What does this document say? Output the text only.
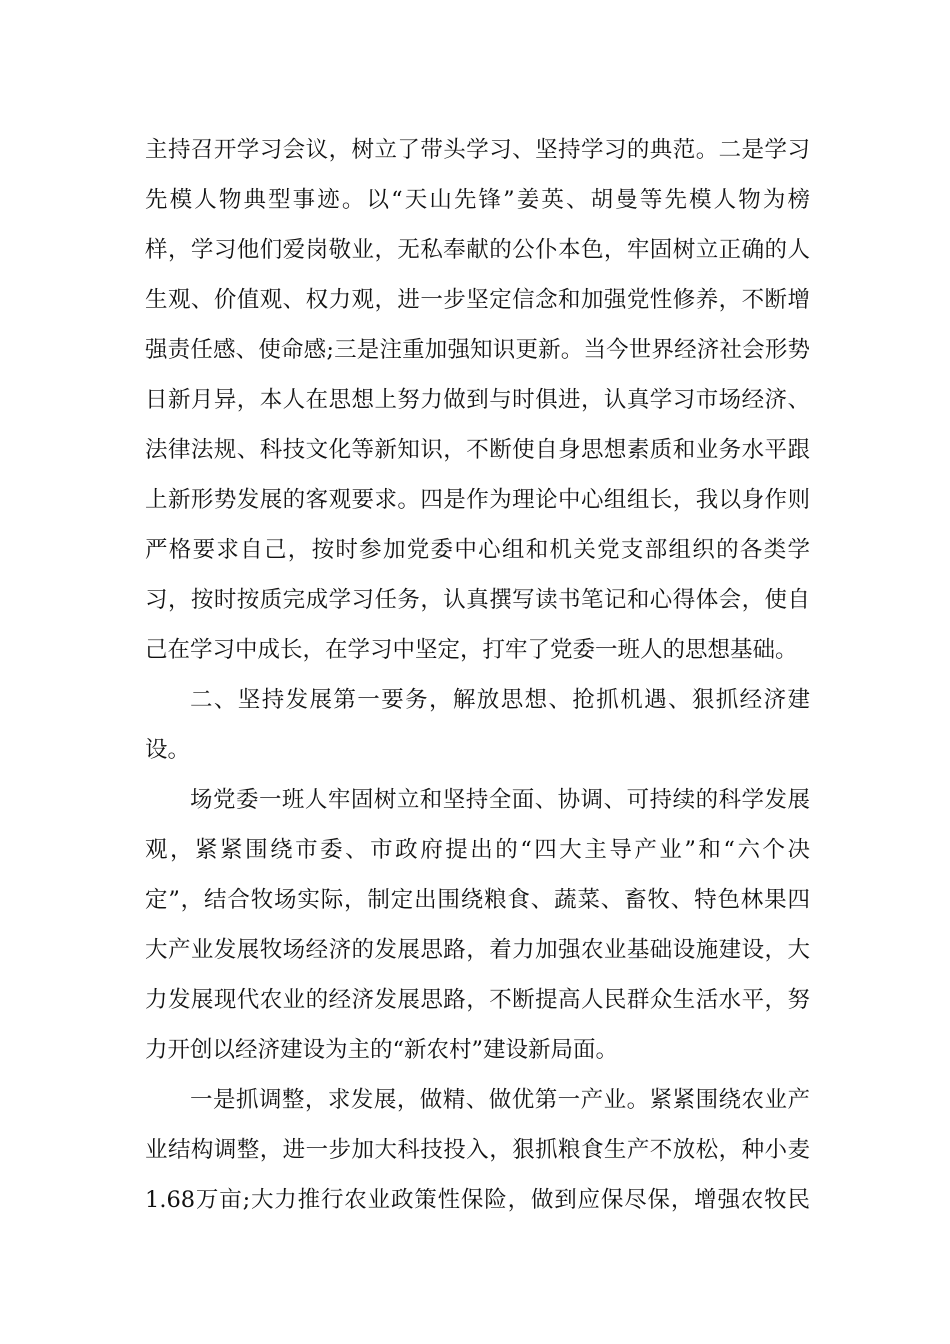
主持召开学习会议，树立了带头学习、坚持学习的典范。二是学习
先模人物典型事迹。以“天山先锋”姜英、胡曼等先模人物为榜
样，学习他们爱岗敬业，无私奉献的公仆本色，牢固树立正确的人
生观、价值观、权力观，进一步坚定信念和加强党性修养，不断增
强责任感、使命感;三是注重加强知识更新。当今世界经济社会形势
日新月异，本人在思想上努力做到与时俱进，认真学习市场经济、
法律法规、科技文化等新知识，不断使自身思想素质和业务水平跟
上新形势发展的客观要求。四是作为理论中心组组长，我以身作则
严格要求自己，按时参加党委中心组和机关党支部组织的各类学
习，按时按质完成学习任务，认真撰写读书笔记和心得体会，使自
己在学习中成长，在学习中坚定，打牢了党委一班人的思想基础。
二、坚持发展第一要务，解放思想、抢抓机遇、狠抓经济建
设。
场党委一班人牢固树立和坚持全面、协调、可持续的科学发展
观，紧紧围绕市委、市政府提出的“四大主导产业”和“六个决
定”，结合牧场实际，制定出围绕粮食、蔬菜、畜牧、特色林果四
大产业发展牧场经济的发展思路，着力加强农业基础设施建设，大
力发展现代农业的经济发展思路，不断提高人民群众生活水平，努
力开创以经济建设为主的“新农村”建设新局面。
一是抓调整，求发展，做精、做优第一产业。紧紧围绕农业产
业结构调整，进一步加大科技投入，狠抓粮食生产不放松，种小麦
1.68万亩;大力推行农业政策性保险，做到应保尽保，增强农牧民
